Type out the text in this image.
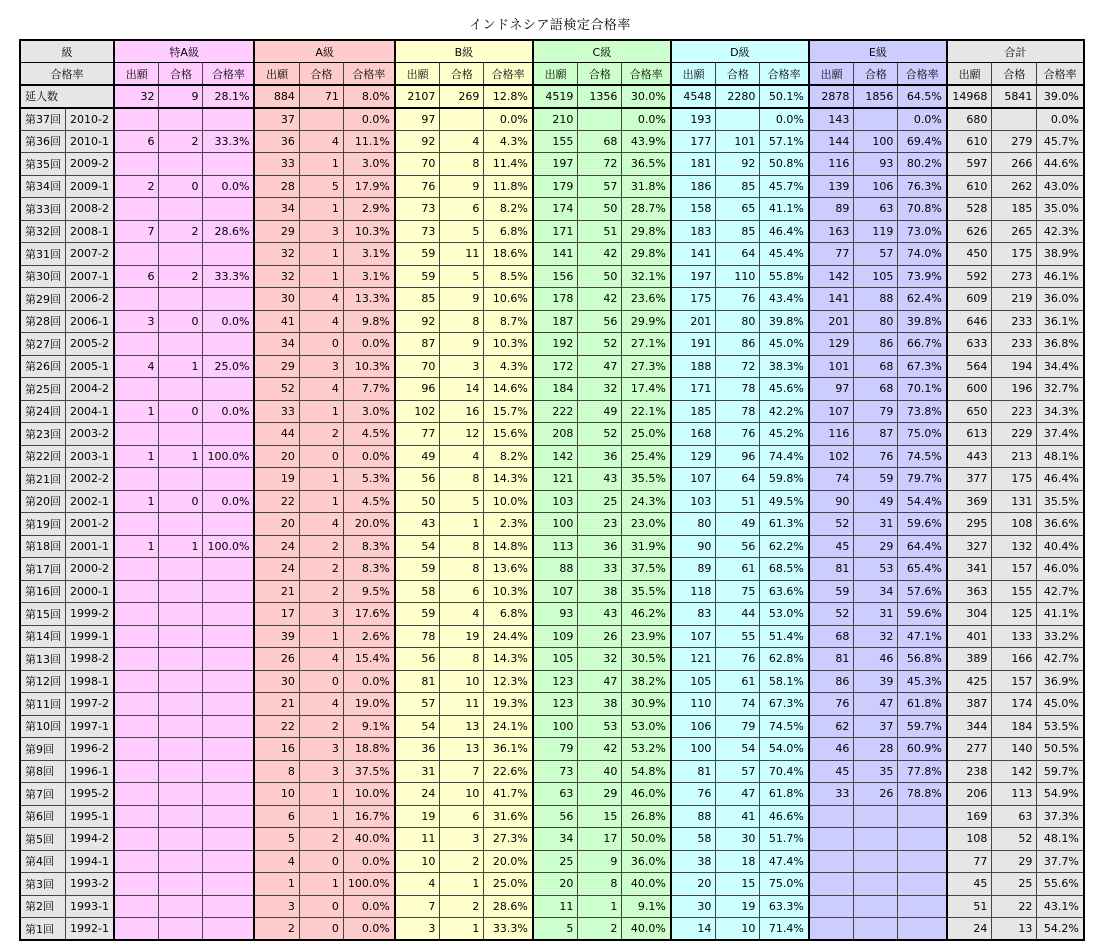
インドネシア語検定合格率
級		特A級			A級			B級			C級			D級			E級			合計		
合格率		出願	合格	合格率	出願	合格	合格率	出願	合格	合格率	出願	合格	合格率	出願	合格	合格率	出願	合格	合格率	出願	合格	合格率
延人数		32	9	28.1%	884	71	8.0%	2107	269	12.8%	4519	1356	30.0%	4548	2280	50.1%	2878	1856	64.5%	14968	5841	39.0%
第37回	2010-2				37		0.0%	97		0.0%	210		0.0%	193		0.0%	143		0.0%	680		0.0%
第36回	2010-1	6	2	33.3%	36	4	11.1%	92	4	4.3%	155	68	43.9%	177	101	57.1%	144	100	69.4%	610	279	45.7%
第35回	2009-2				33	1	3.0%	70	8	11.4%	197	72	36.5%	181	92	50.8%	116	93	80.2%	597	266	44.6%
第34回	2009-1	2	0	0.0%	28	5	17.9%	76	9	11.8%	179	57	31.8%	186	85	45.7%	139	106	76.3%	610	262	43.0%
第33回	2008-2				34	1	2.9%	73	6	8.2%	174	50	28.7%	158	65	41.1%	89	63	70.8%	528	185	35.0%
第32回	2008-1	7	2	28.6%	29	3	10.3%	73	5	6.8%	171	51	29.8%	183	85	46.4%	163	119	73.0%	626	265	42.3%
第31回	2007-2				32	1	3.1%	59	11	18.6%	141	42	29.8%	141	64	45.4%	77	57	74.0%	450	175	38.9%
第30回	2007-1	6	2	33.3%	32	1	3.1%	59	5	8.5%	156	50	32.1%	197	110	55.8%	142	105	73.9%	592	273	46.1%
第29回	2006-2				30	4	13.3%	85	9	10.6%	178	42	23.6%	175	76	43.4%	141	88	62.4%	609	219	36.0%
第28回	2006-1	3	0	0.0%	41	4	9.8%	92	8	8.7%	187	56	29.9%	201	80	39.8%	201	80	39.8%	646	233	36.1%
第27回	2005-2				34	0	0.0%	87	9	10.3%	192	52	27.1%	191	86	45.0%	129	86	66.7%	633	233	36.8%
第26回	2005-1	4	1	25.0%	29	3	10.3%	70	3	4.3%	172	47	27.3%	188	72	38.3%	101	68	67.3%	564	194	34.4%
第25回	2004-2				52	4	7.7%	96	14	14.6%	184	32	17.4%	171	78	45.6%	97	68	70.1%	600	196	32.7%
第24回	2004-1	1	0	0.0%	33	1	3.0%	102	16	15.7%	222	49	22.1%	185	78	42.2%	107	79	73.8%	650	223	34.3%
第23回	2003-2				44	2	4.5%	77	12	15.6%	208	52	25.0%	168	76	45.2%	116	87	75.0%	613	229	37.4%
第22回	2003-1	1	1	100.0%	20	0	0.0%	49	4	8.2%	142	36	25.4%	129	96	74.4%	102	76	74.5%	443	213	48.1%
第21回	2002-2				19	1	5.3%	56	8	14.3%	121	43	35.5%	107	64	59.8%	74	59	79.7%	377	175	46.4%
第20回	2002-1	1	0	0.0%	22	1	4.5%	50	5	10.0%	103	25	24.3%	103	51	49.5%	90	49	54.4%	369	131	35.5%
第19回	2001-2				20	4	20.0%	43	1	2.3%	100	23	23.0%	80	49	61.3%	52	31	59.6%	295	108	36.6%
第18回	2001-1	1	1	100.0%	24	2	8.3%	54	8	14.8%	113	36	31.9%	90	56	62.2%	45	29	64.4%	327	132	40.4%
第17回	2000-2				24	2	8.3%	59	8	13.6%	88	33	37.5%	89	61	68.5%	81	53	65.4%	341	157	46.0%
第16回	2000-1				21	2	9.5%	58	6	10.3%	107	38	35.5%	118	75	63.6%	59	34	57.6%	363	155	42.7%
第15回	1999-2				17	3	17.6%	59	4	6.8%	93	43	46.2%	83	44	53.0%	52	31	59.6%	304	125	41.1%
第14回	1999-1				39	1	2.6%	78	19	24.4%	109	26	23.9%	107	55	51.4%	68	32	47.1%	401	133	33.2%
第13回	1998-2				26	4	15.4%	56	8	14.3%	105	32	30.5%	121	76	62.8%	81	46	56.8%	389	166	42.7%
第12回	1998-1				30	0	0.0%	81	10	12.3%	123	47	38.2%	105	61	58.1%	86	39	45.3%	425	157	36.9%
第11回	1997-2				21	4	19.0%	57	11	19.3%	123	38	30.9%	110	74	67.3%	76	47	61.8%	387	174	45.0%
第10回	1997-1				22	2	9.1%	54	13	24.1%	100	53	53.0%	106	79	74.5%	62	37	59.7%	344	184	53.5%
第9回	1996-2				16	3	18.8%	36	13	36.1%	79	42	53.2%	100	54	54.0%	46	28	60.9%	277	140	50.5%
第8回	1996-1				8	3	37.5%	31	7	22.6%	73	40	54.8%	81	57	70.4%	45	35	77.8%	238	142	59.7%
第7回	1995-2				10	1	10.0%	24	10	41.7%	63	29	46.0%	76	47	61.8%	33	26	78.8%	206	113	54.9%
第6回	1995-1				6	1	16.7%	19	6	31.6%	56	15	26.8%	88	41	46.6%				169	63	37.3%
第5回	1994-2				5	2	40.0%	11	3	27.3%	34	17	50.0%	58	30	51.7%				108	52	48.1%
第4回	1994-1				4	0	0.0%	10	2	20.0%	25	9	36.0%	38	18	47.4%				77	29	37.7%
第3回	1993-2				1	1	100.0%	4	1	25.0%	20	8	40.0%	20	15	75.0%				45	25	55.6%
第2回	1993-1				3	0	0.0%	7	2	28.6%	11	1	9.1%	30	19	63.3%				51	22	43.1%
第1回	1992-1				2	0	0.0%	3	1	33.3%	5	2	40.0%	14	10	71.4%				24	13	54.2%
